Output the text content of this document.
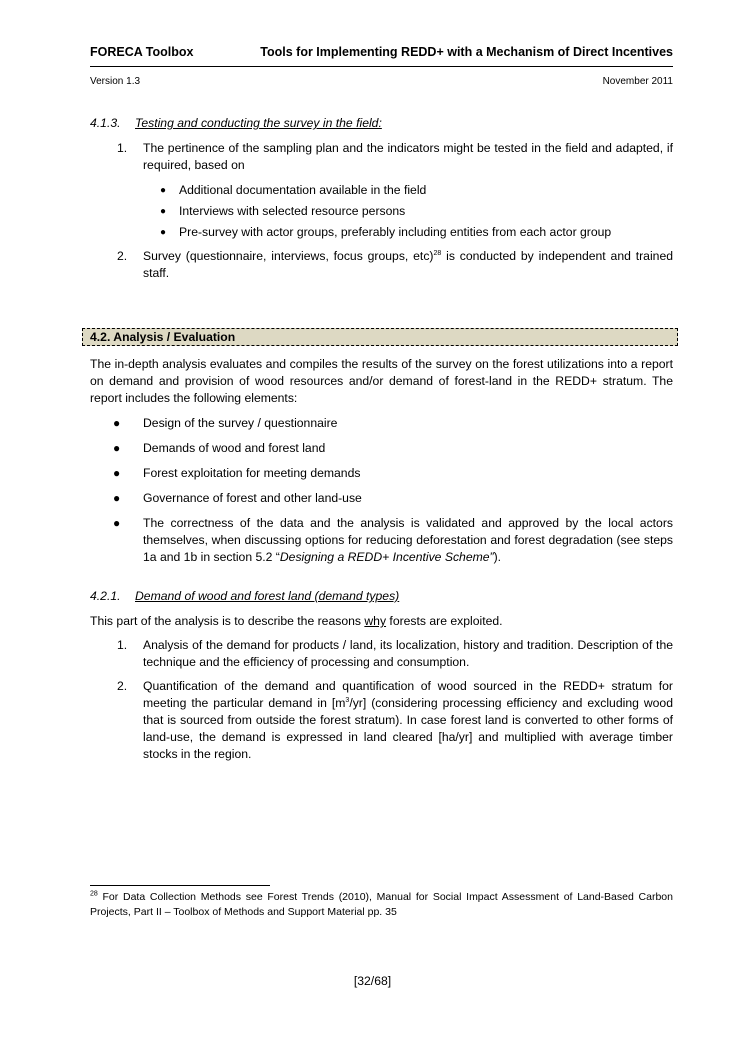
FORECA Toolbox	Tools for Implementing REDD+ with a Mechanism of Direct Incentives
Version 1.3	November 2011
4.1.3. Testing and conducting the survey in the field:
1. The pertinence of the sampling plan and the indicators might be tested in the field and adapted, if required, based on
● Additional documentation available in the field
● Interviews with selected resource persons
● Pre-survey with actor groups, preferably including entities from each actor group
2. Survey (questionnaire, interviews, focus groups, etc)$^{28}$ is conducted by independent and trained staff.
4.2. Analysis / Evaluation
The in-depth analysis evaluates and compiles the results of the survey on the forest utilizations into a report on demand and provision of wood resources and/or demand of forest-land in the REDD+ stratum. The report includes the following elements:
● Design of the survey / questionnaire
● Demands of wood and forest land
● Forest exploitation for meeting demands
● Governance of forest and other land-use
● The correctness of the data and the analysis is validated and approved by the local actors themselves, when discussing options for reducing deforestation and forest degradation (see steps 1a and 1b in section 5.2 “Designing a REDD+ Incentive Scheme”).
4.2.1. Demand of wood and forest land (demand types)
This part of the analysis is to describe the reasons why forests are exploited.
1. Analysis of the demand for products / land, its localization, history and tradition. Description of the technique and the efficiency of processing and consumption.
2. Quantification of the demand and quantification of wood sourced in the REDD+ stratum for meeting the particular demand in $[m^3/yr]$ (considering processing efficiency and excluding wood that is sourced from outside the forest stratum). In case forest land is converted to other forms of land-use, the demand is expressed in land cleared [ha/yr] and multiplied with average timber stocks in the region.
$^{28}$ For Data Collection Methods see Forest Trends (2010), Manual for Social Impact Assessment of Land-Based Carbon Projects, Part II – Toolbox of Methods and Support Material pp. 35
[32/68]
